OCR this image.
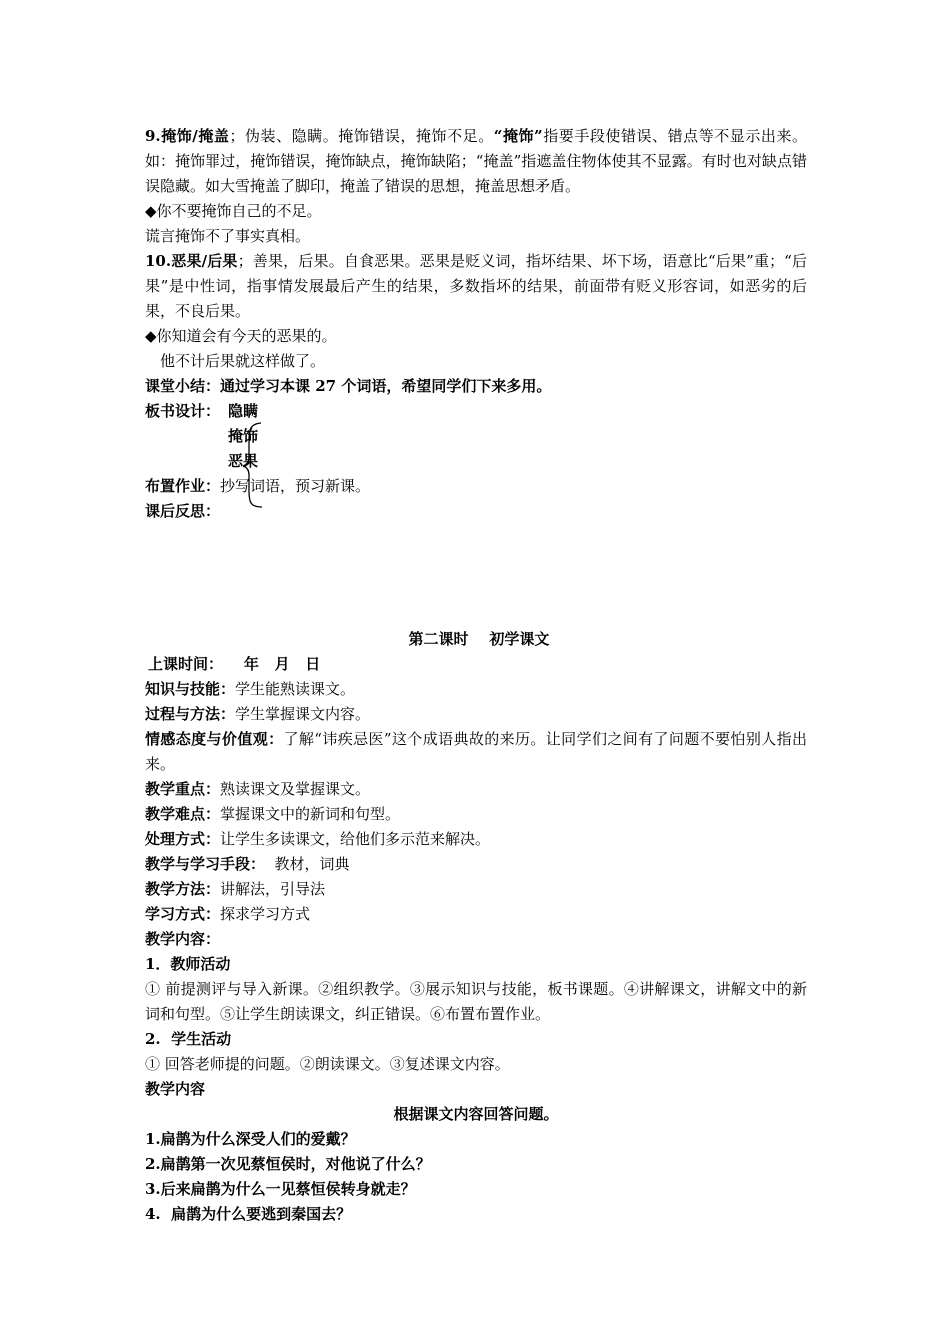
9.掩饰/掩盖；伪装、隐瞒。掩饰错误，掩饰不足。“掩饰”指要手段使错误、错点等不显示出来。如：掩饰罪过，掩饰错误，掩饰缺点，掩饰缺陷；“掩盖”指遮盖住物体使其不显露。有时也对缺点错误隐藏。如大雪掩盖了脚印，掩盖了错误的思想，掩盖思想矛盾。
◆你不要掩饰自己的不足。
谎言掩饰不了事实真相。
10.恶果/后果；善果，后果。自食恶果。恶果是贬义词，指坏结果、坏下场，语意比“后果”重；“后果”是中性词，指事情发展最后产生的结果，多数指坏的结果，前面带有贬义形容词，如恶劣的后果，不良后果。
◆你知道会有今天的恶果的。
他不计后果就这样做了。
课堂小结：通过学习本课 27 个词语，希望同学们下来多用。
板书设计： 隐瞒
掩饰
恶果
布置作业：抄写词语，预习新课。
课后反思：
第二课时    初学课文
上课时间：    年   月   日
知识与技能：学生能熟读课文。
过程与方法：学生掌握课文内容。
情感态度与价值观：了解“讳疾忌医”这个成语典故的来历。让同学们之间有了问题不要怕别人指出来。
教学重点：熟读课文及掌握课文。
教学难点：掌握课文中的新词和句型。
处理方式：让学生多读课文，给他们多示范来解决。
教学与学习手段：  教材，词典
教学方法：讲解法，引导法
学习方式：探求学习方式
教学内容：
1．教师活动
① 前提测评与导入新课。②组织教学。③展示知识与技能，板书课题。④讲解课文，讲解文中的新词和句型。⑤让学生朗读课文，纠正错误。⑥布置布置作业。
2.  学生活动
① 回答老师提的问题。②朗读课文。③复述课文内容。
教学内容
根据课文内容回答问题。
1.扁鹊为什么深受人们的爱戴？
2.扁鹊第一次见蔡恒侯时，对他说了什么？
3.后来扁鹊为什么一见蔡恒侯转身就走？
4.  扁鹊为什么要逃到秦国去？
